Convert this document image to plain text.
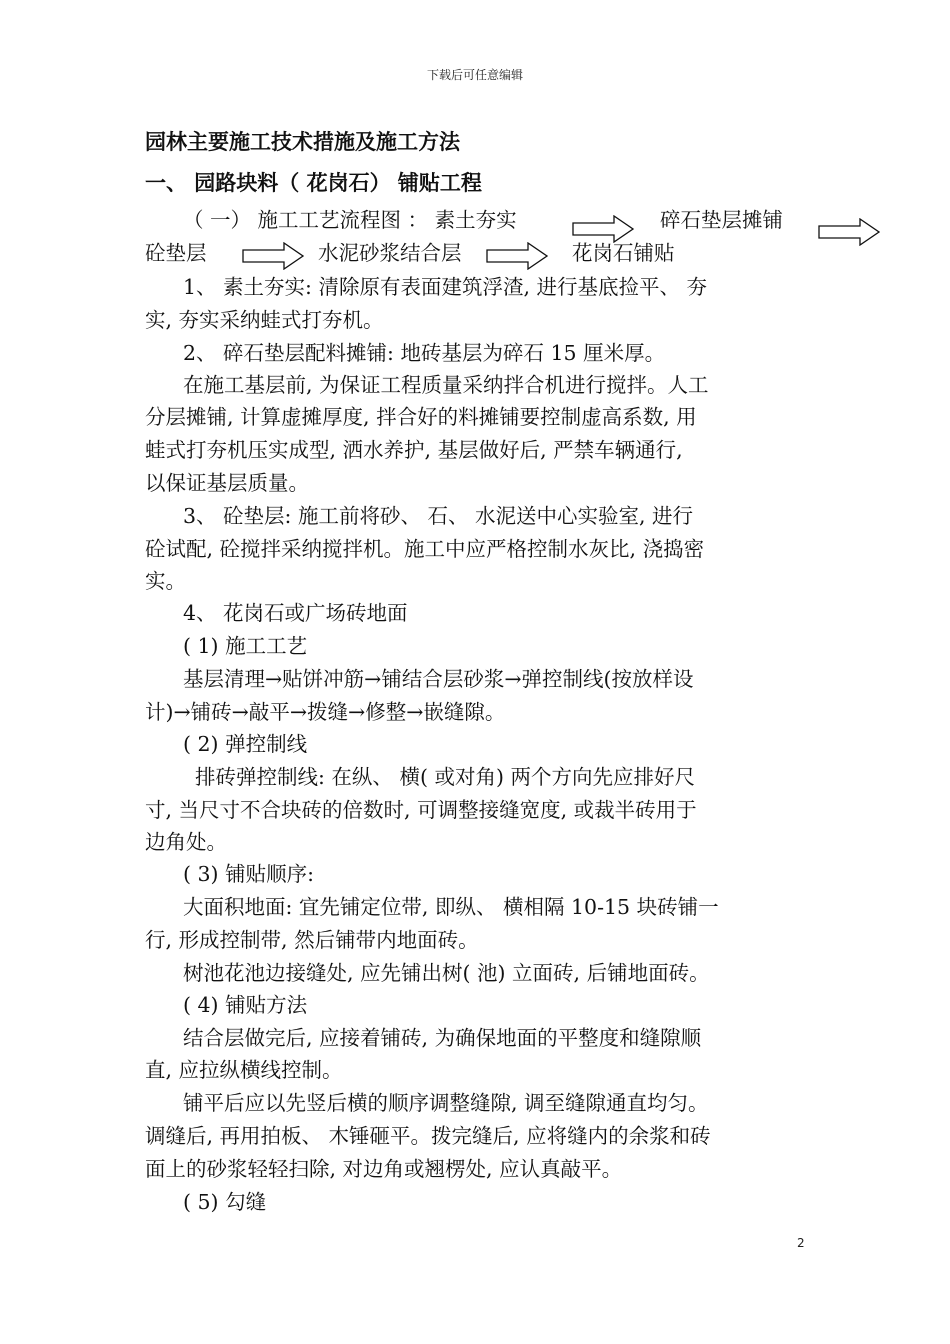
下载后可任意编辑
园林主要施工技术措施及施工方法
一、 园路块料（ 花岗石） 铺贴工程
（ 一） 施工工艺流程图 ： 素土夯实	碎石垫层摊铺
砼垫层	水泥砂浆结合层	花岗石铺贴
1、 素土夯实: 清除原有表面建筑浮渣, 进行基底捡平、 夯
实, 夯实采纳蛙式打夯机。
2、 碎石垫层配料摊铺: 地砖基层为碎石 15 厘米厚。
在施工基层前, 为保证工程质量采纳拌合机进行搅拌。人工
分层摊铺, 计算虚摊厚度, 拌合好的料摊铺要控制虚高系数, 用
蛙式打夯机压实成型, 洒水养护, 基层做好后, 严禁车辆通行,
以保证基层质量。
3、 砼垫层: 施工前将砂、 石、 水泥送中心实验室, 进行
砼试配, 砼搅拌采纳搅拌机。施工中应严格控制水灰比, 浇捣密
实。
4、 花岗石或广场砖地面
( 1) 施工工艺
基层清理→贴饼冲筋→铺结合层砂浆→弹控制线(按放样设
计)→铺砖→敲平→拨缝→修整→嵌缝隙。
( 2) 弹控制线
排砖弹控制线: 在纵、 横( 或对角) 两个方向先应排好尺
寸, 当尺寸不合块砖的倍数时, 可调整接缝宽度, 或裁半砖用于
边角处。
( 3) 铺贴顺序:
大面积地面: 宜先铺定位带, 即纵、 横相隔 10-15 块砖铺一
行, 形成控制带, 然后铺带内地面砖。
树池花池边接缝处, 应先铺出树( 池) 立面砖, 后铺地面砖。
( 4) 铺贴方法
结合层做完后, 应接着铺砖, 为确保地面的平整度和缝隙顺
直, 应拉纵横线控制。
铺平后应以先竖后横的顺序调整缝隙, 调至缝隙通直均匀。
调缝后, 再用拍板、 木锤砸平。拨完缝后, 应将缝内的余浆和砖
面上的砂浆轻轻扫除, 对边角或翘楞处, 应认真敲平。
( 5) 勾缝
2
